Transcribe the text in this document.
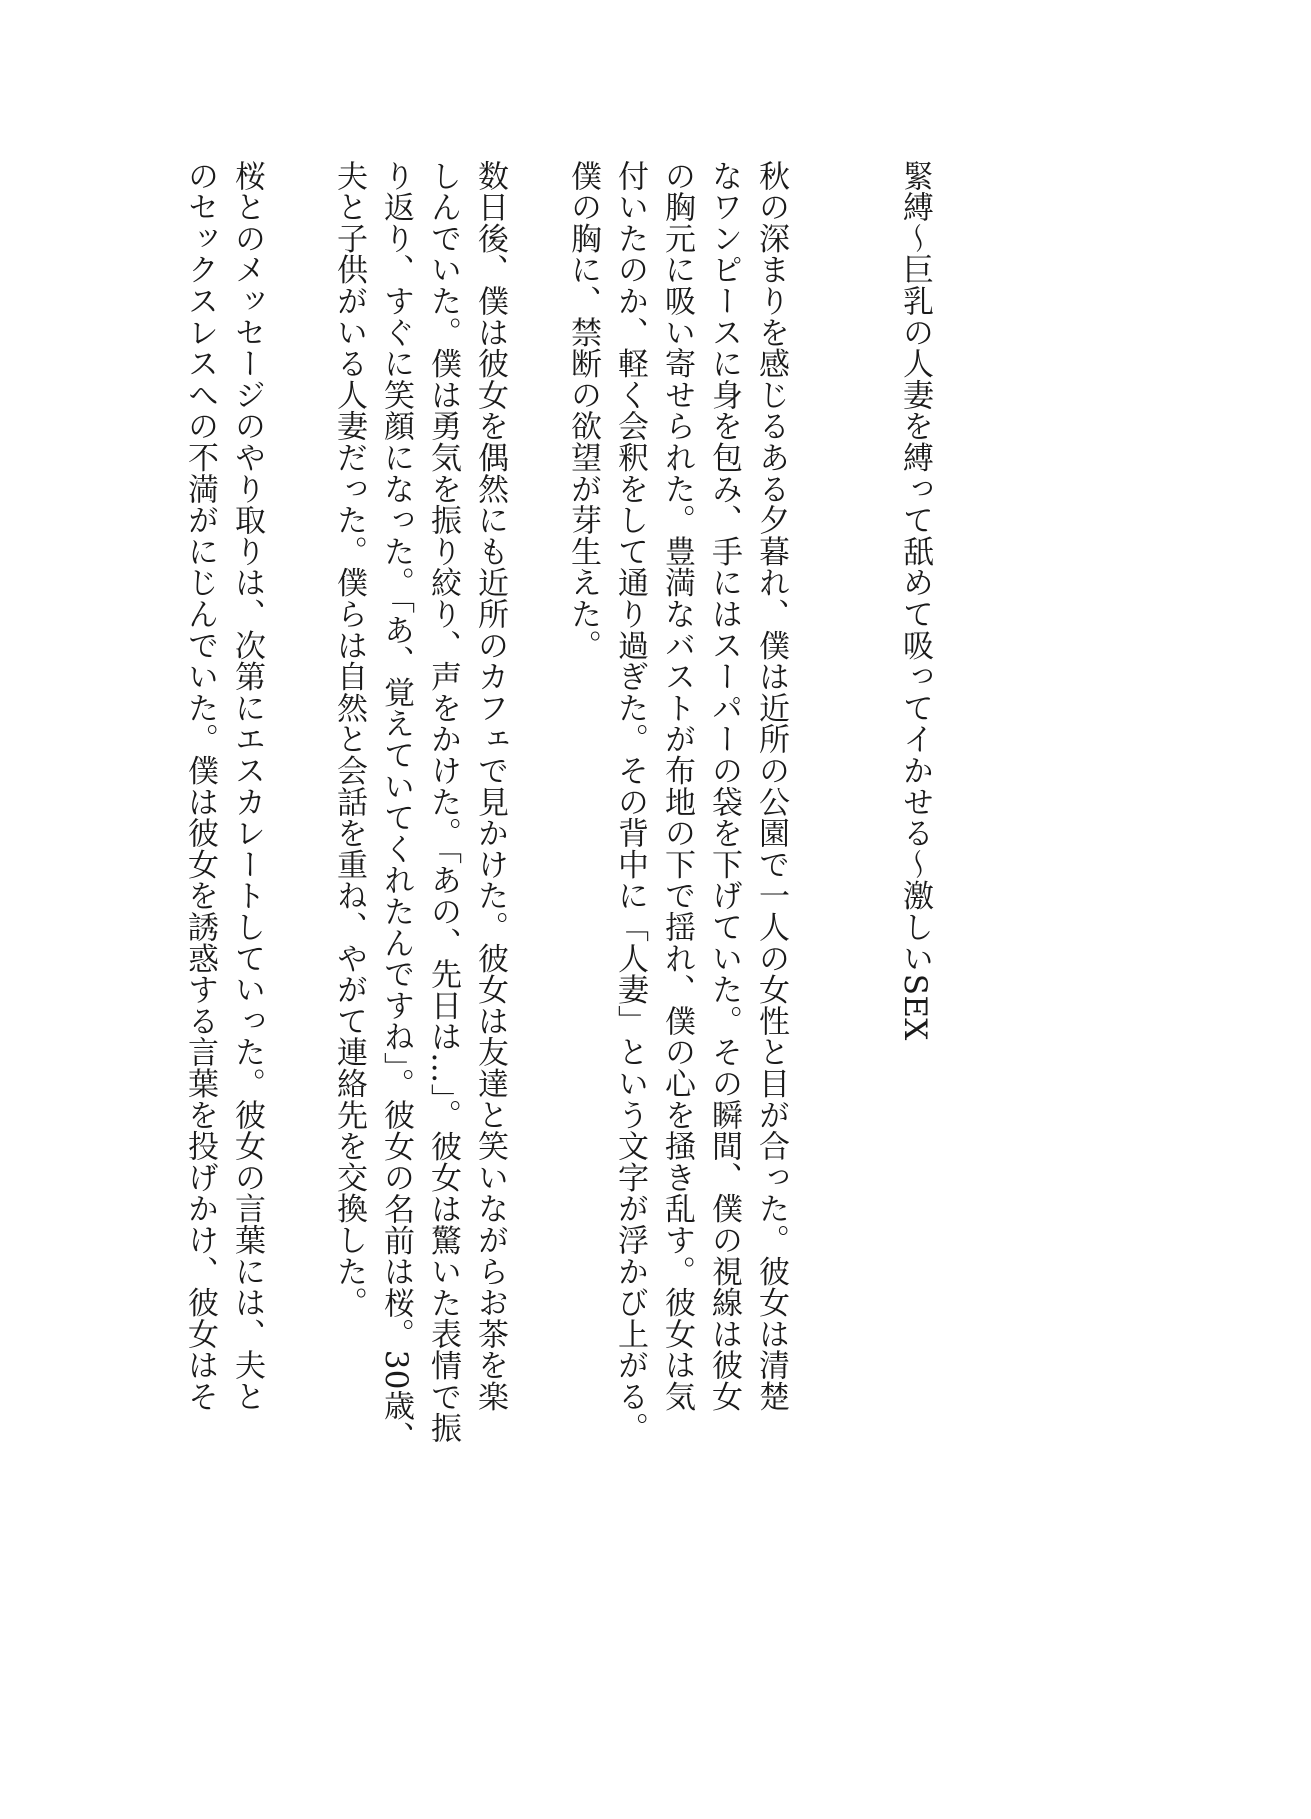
緊縛～巨乳の人妻を縛って舐めて吸ってイかせる～激しいSEX
秋の深まりを感じるある夕暮れ、僕は近所の公園で一人の女性と目が合った。彼女は清楚
なワンピースに身を包み、手にはスーパーの袋を下げていた。その瞬間、僕の視線は彼女
の胸元に吸い寄せられた。豊満なバストが布地の下で揺れ、僕の心を掻き乱す。彼女は気
付いたのか、軽く会釈をして通り過ぎた。その背中に「人妻」という文字が浮かび上がる。
僕の胸に、禁断の欲望が芽生えた。
数日後、僕は彼女を偶然にも近所のカフェで見かけた。彼女は友達と笑いながらお茶を楽
しんでいた。僕は勇気を振り絞り、声をかけた。「あの、先日は…」。彼女は驚いた表情で振
り返り、すぐに笑顔になった。「あ、覚えていてくれたんですね」。彼女の名前は桜。30歳、
夫と子供がいる人妻だった。僕らは自然と会話を重ね、やがて連絡先を交換した。
桜とのメッセージのやり取りは、次第にエスカレートしていった。彼女の言葉には、夫と
のセックスレスへの不満がにじんでいた。僕は彼女を誘惑する言葉を投げかけ、彼女はそ
